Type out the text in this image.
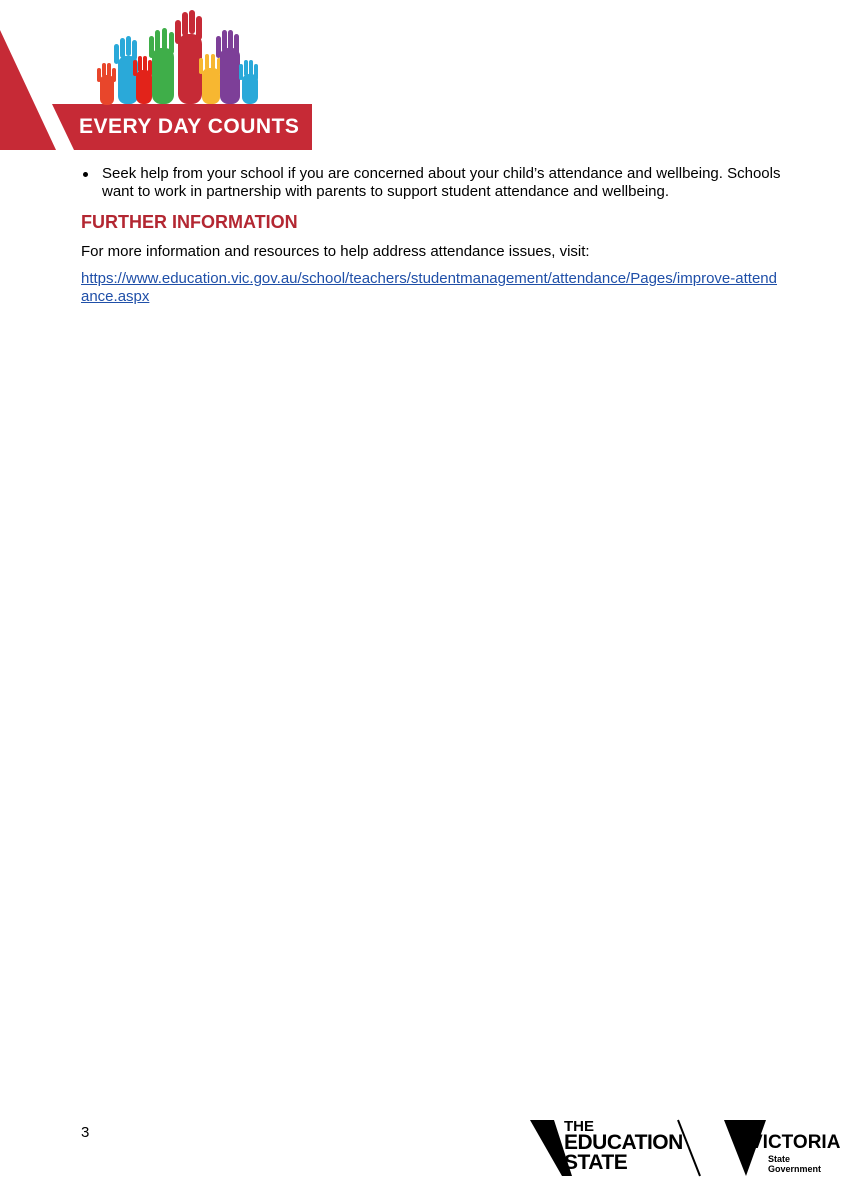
EVERY DAY COUNTS
Seek help from your school if you are concerned about your child’s attendance and wellbeing. Schools want to work in partnership with parents to support student attendance and wellbeing.
FURTHER INFORMATION

For more information and resources to help address attendance issues, visit:

https://www.education.vic.gov.au/school/teachers/studentmanagement/attendance/Pages/improve-attendance.aspx
3	THE
EDUCATION
STATE
VICTORIA
State
Government
